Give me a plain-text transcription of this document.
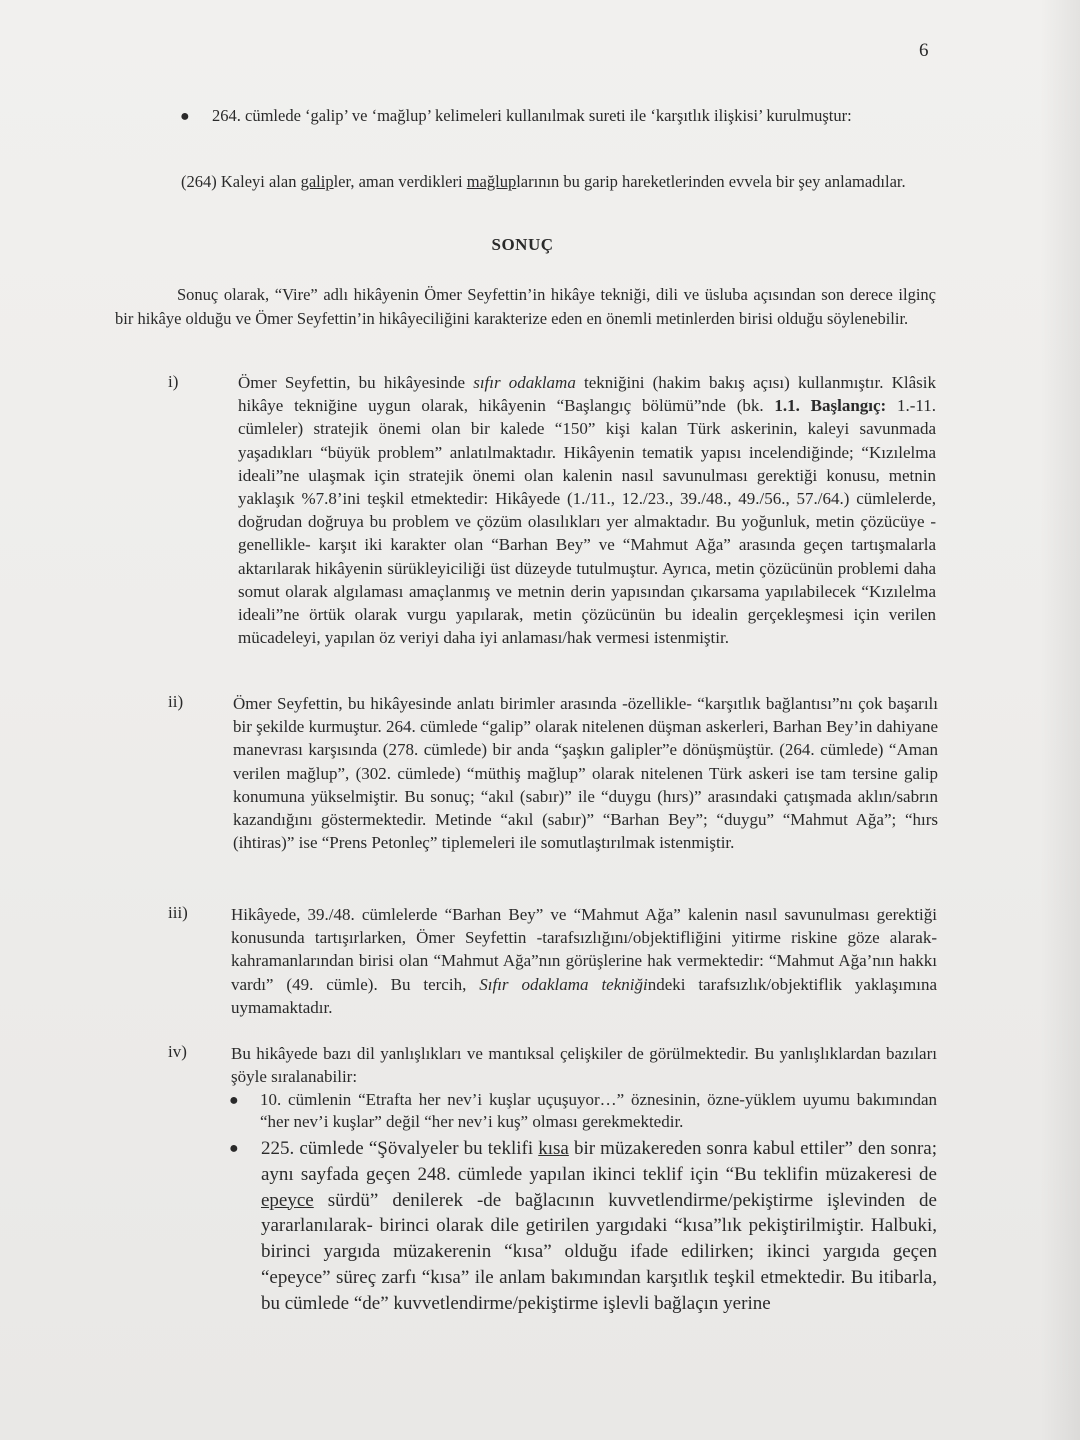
6
● 264. cümlede ‘galip’ ve ‘mağlup’ kelimeleri kullanılmak sureti ile ‘karşıtlık ilişkisi’ kurulmuştur:
(264) Kaleyi alan galipler, aman verdikleri mağluplarının bu garip hareketlerinden evvela bir şey anlamadılar.
SONUÇ
Sonuç olarak, “Vire” adlı hikâyenin Ömer Seyfettin’in hikâye tekniği, dili ve üsluba açısından son derece ilginç bir hikâye olduğu ve Ömer Seyfettin’in hikâyeciliğini karakterize eden en önemli metinlerden birisi olduğu söylenebilir.
i)	Ömer Seyfettin, bu hikâyesinde sıfır odaklama tekniğini (hakim bakış açısı) kullanmıştır. Klâsik hikâye tekniğine uygun olarak, hikâyenin “Başlangıç bölümü”nde (bk. 1.1. Başlangıç: 1.-11. cümleler) stratejik önemi olan bir kalede “150” kişi kalan Türk askerinin, kaleyi savunmada yaşadıkları “büyük problem” anlatılmaktadır. Hikâyenin tematik yapısı incelendiğinde; “Kızılelma ideali”ne ulaşmak için stratejik önemi olan kalenin nasıl savunulması gerektiği konusu, metnin yaklaşık %7.8’ini teşkil etmektedir: Hikâyede (1./11., 12./23., 39./48., 49./56., 57./64.) cümlelerde, doğrudan doğruya bu problem ve çözüm olasılıkları yer almaktadır. Bu yoğunluk, metin çözücüye -genellikle- karşıt iki karakter olan “Barhan Bey” ve “Mahmut Ağa” arasında geçen tartışmalarla aktarılarak hikâyenin sürükleyiciliği üst düzeyde tutulmuştur. Ayrıca, metin çözücünün problemi daha somut olarak algılaması amaçlanmış ve metnin derin yapısından çıkarsama yapılabilecek “Kızılelma ideali”ne örtük olarak vurgu yapılarak, metin çözücünün bu idealin gerçekleşmesi için verilen mücadeleyi, yapılan öz veriyi daha iyi anlaması/hak vermesi istenmiştir.
ii)	Ömer Seyfettin, bu hikâyesinde anlatı birimler arasında -özellikle- “karşıtlık bağlantısı”nı çok başarılı bir şekilde kurmuştur. 264. cümlede “galip” olarak nitelenen düşman askerleri, Barhan Bey’in dahiyane manevrası karşısında (278. cümlede) bir anda “şaşkın galipler”e dönüşmüştür. (264. cümlede) “Aman verilen mağlup”, (302. cümlede) “müthiş mağlup” olarak nitelenen Türk askeri ise tam tersine galip konumuna yükselmiştir. Bu sonuç; “akıl (sabır)” ile “duygu (hırs)” arasındaki çatışmada aklın/sabrın kazandığını göstermektedir. Metinde “akıl (sabır)” “Barhan Bey”; “duygu” “Mahmut Ağa”; “hırs (ihtiras)” ise “Prens Petonleç” tiplemeleri ile somutlaştırılmak istenmiştir.
iii)	Hikâyede, 39./48. cümlelerde “Barhan Bey” ve “Mahmut Ağa” kalenin nasıl savunulması gerektiği konusunda tartışırlarken, Ömer Seyfettin -tarafsızlığını/objektifliğini yitirme riskine göze alarak- kahramanlarından birisi olan “Mahmut Ağa”nın görüşlerine hak vermektedir: “Mahmut Ağa’nın hakkı vardı” (49. cümle). Bu tercih, Sıfır odaklama tekniğindeki tarafsızlık/objektiflik yaklaşımına uymamaktadır.
iv)	Bu hikâyede bazı dil yanlışlıkları ve mantıksal çelişkiler de görülmektedir. Bu yanlışlıklardan bazıları şöyle sıralanabilir:
● 10. cümlenin “Etrafta her nev’i kuşlar uçuşuyor…” öznesinin, özne-yüklem uyumu bakımından “her nev’i kuşlar” değil “her nev’i kuş” olması gerekmektedir.
● 225. cümlede “Şövalyeler bu teklifi kısa bir müzakereden sonra kabul ettiler” den sonra; aynı sayfada geçen 248. cümlede yapılan ikinci teklif için “Bu teklifin müzakeresi de epeyce sürdü” denilerek -de bağlacının kuvvetlendirme/pekiştirme işlevinden de yararlanılarak- birinci olarak dile getirilen yargıdaki “kısa”lık pekiştirilmiştir. Halbuki, birinci yargıda müzakerenin “kısa” olduğu ifade edilirken; ikinci yargıda geçen “epeyce” süreç zarfı “kısa” ile anlam bakımından karşıtlık teşkil etmektedir. Bu itibarla, bu cümlede “de” kuvvetlendirme/pekiştirme işlevli bağlaçın yerine
